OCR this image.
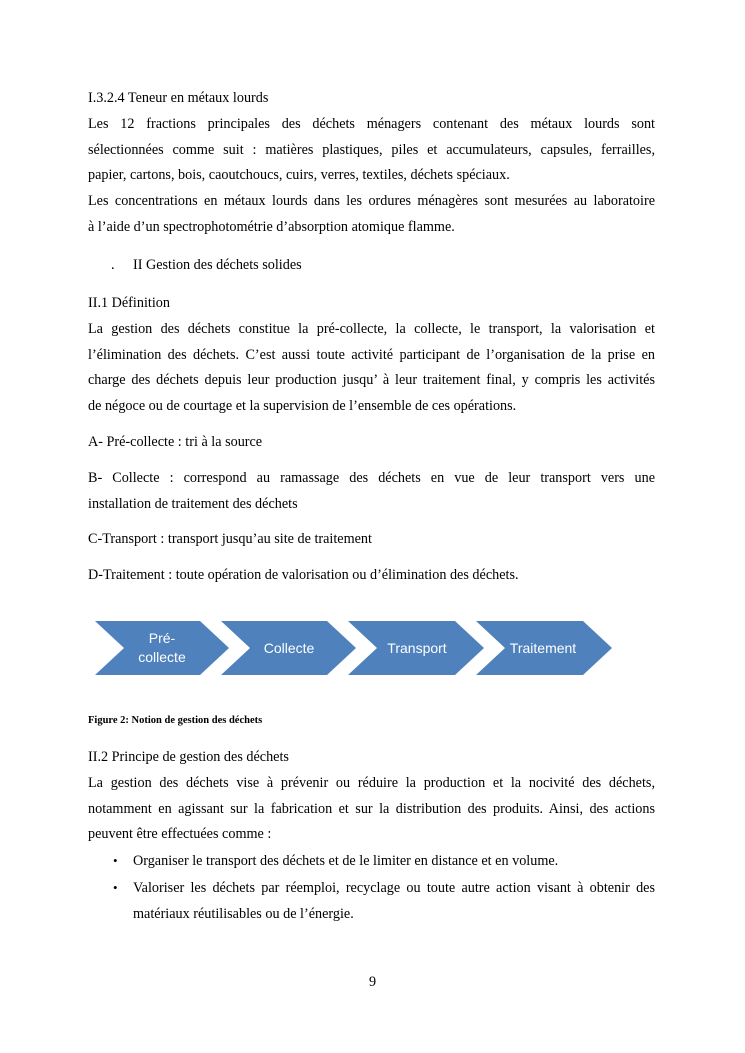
I.3.2.4 Teneur en métaux lourds
Les 12 fractions principales des déchets ménagers contenant des métaux lourds sont
sélectionnées comme suit : matières plastiques, piles et accumulateurs, capsules, ferrailles,
papier, cartons, bois, caoutchoucs, cuirs, verres, textiles, déchets spéciaux.
Les concentrations en métaux lourds dans les ordures ménagères sont mesurées au laboratoire
à l’aide d’un spectrophotométrie d’absorption atomique flamme.
. II Gestion des déchets solides
II.1 Définition
La gestion des déchets constitue la pré-collecte, la collecte, le transport, la valorisation et
l’élimination des déchets. C’est aussi toute activité participant de l’organisation de la prise en
charge des déchets depuis leur production jusqu’ à leur traitement final, y compris les activités
de négoce ou de courtage et la supervision de l’ensemble de ces opérations.
A- Pré-collecte : tri à la source
B- Collecte : correspond au ramassage des déchets en vue de leur transport vers une
installation de traitement des déchets
C-Transport : transport jusqu’au site de traitement
D-Traitement : toute opération de valorisation ou d’élimination des déchets.
Pré-
collecte
Collecte	Transport	Traitement
Figure 2: Notion de gestion des déchets
II.2 Principe de gestion des déchets
La gestion des déchets vise à prévenir ou réduire la production et la nocivité des déchets,
notamment en agissant sur la fabrication et sur la distribution des produits. Ainsi, des actions
peuvent être effectuées comme :
• Organiser le transport des déchets et de le limiter en distance et en volume.
• Valoriser les déchets par réemploi, recyclage ou toute autre action visant à obtenir des
matériaux réutilisables ou de l’énergie.
9
